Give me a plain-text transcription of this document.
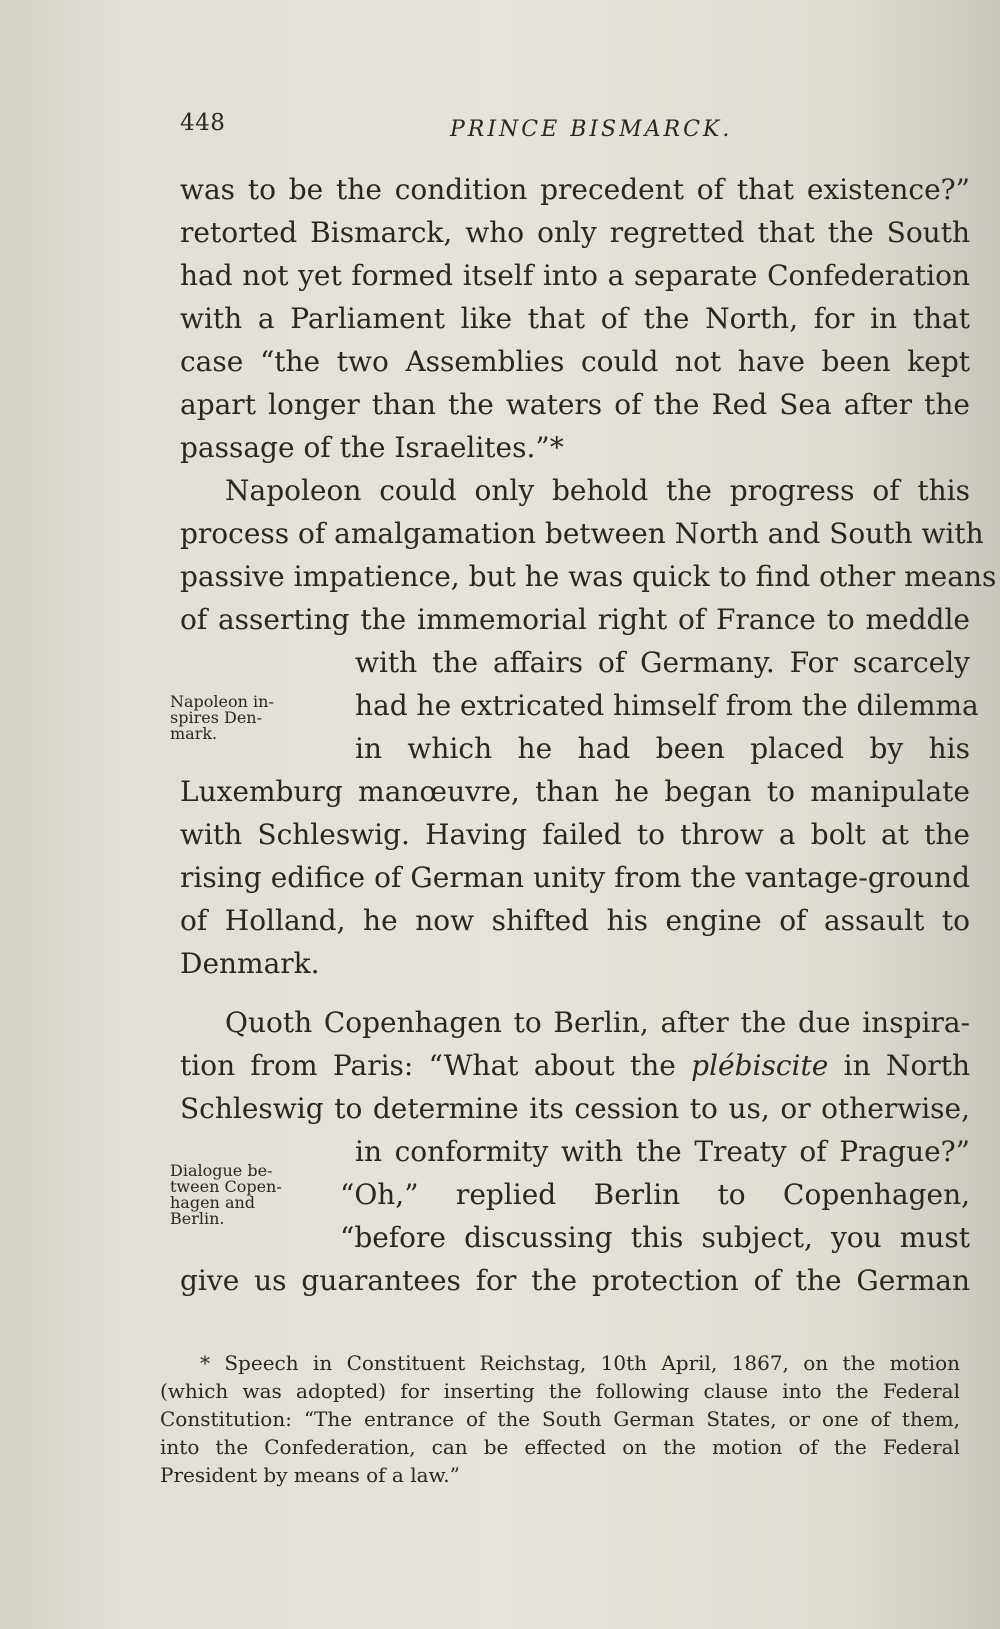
448	PRINCE BISMARCK.
was to be the condition precedent of that existence?”
retorted Bismarck, who only regretted that the South
had not yet formed itself into a separate Confederation
with a Parliament like that of the North, for in that
case “the two Assemblies could not have been kept
apart longer than the waters of the Red Sea after the
passage of the Israelites.”*
Napoleon could only behold the progress of this
process of amalgamation between North and South with
passive impatience, but he was quick to find other means
of asserting the immemorial right of France to meddle
Napoleon in-
spires Den-
mark.
with the affairs of Germany. For scarcely
had he extricated himself from the dilemma
in which he had been placed by his
Luxemburg manœuvre, than he began to manipulate
with Schleswig. Having failed to throw a bolt at the
rising edifice of German unity from the vantage-ground
of Holland, he now shifted his engine of assault to
Denmark.
Quoth Copenhagen to Berlin, after the due inspira-
tion from Paris: “What about the plébiscite in North
Schleswig to determine its cession to us, or otherwise,
Dialogue be-
tween Copen-
hagen and
Berlin.
in conformity with the Treaty of Prague?”
“Oh,” replied Berlin to Copenhagen,
“before discussing this subject, you must
give us guarantees for the protection of the German
* Speech in Constituent Reichstag, 10th April, 1867, on the motion
(which was adopted) for inserting the following clause into the Federal
Constitution: “The entrance of the South German States, or one of them,
into the Confederation, can be effected on the motion of the Federal
President by means of a law.”
